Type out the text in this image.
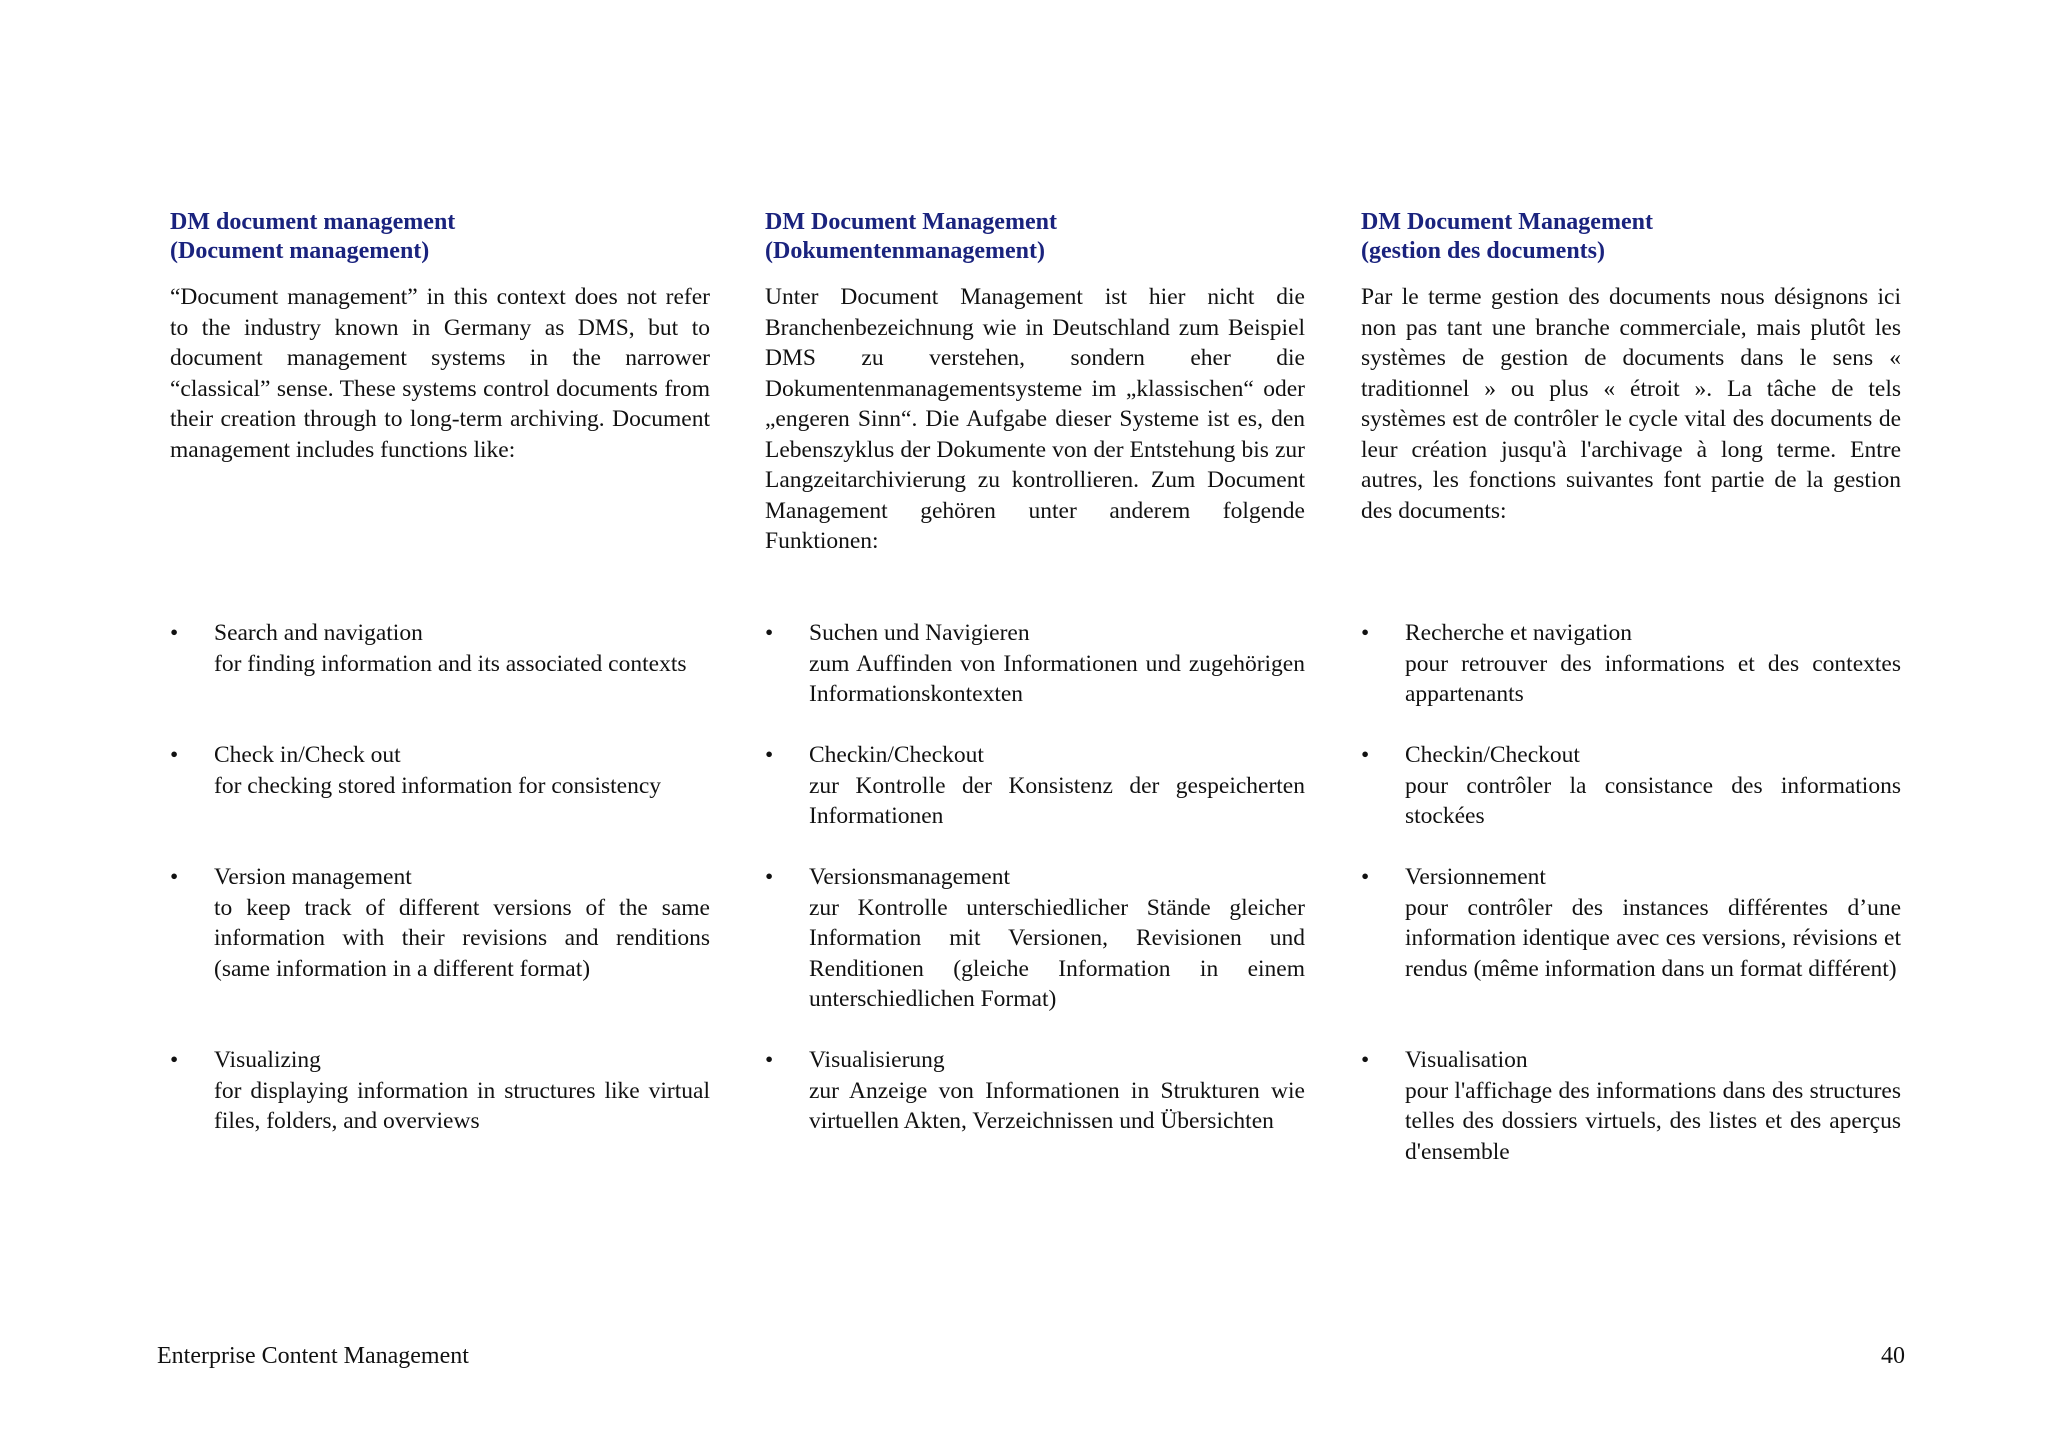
DM document management
(Document management)

“Document management” in this context does not refer to the industry known in Germany as DMS, but to document management systems in the narrower “classical” sense. These systems control documents from their creation through to long-term archiving. Document management includes functions like:

•	Search and navigation
for finding information and its associated contexts
•	Check in/Check out
for checking stored information for consistency
•	Version management
to keep track of different versions of the same information with their revisions and renditions (same information in a different format)
•	Visualizing
for displaying information in structures like virtual files, folders, and overviews

DM Document Management
(Dokumentenmanagement)

Unter Document Management ist hier nicht die Branchenbezeichnung wie in Deutschland zum Beispiel DMS zu verstehen, sondern eher die Dokumentenmanagementsysteme im „klassischen“ oder „engeren Sinn“. Die Aufgabe dieser Systeme ist es, den Lebenszyklus der Dokumente von der Entstehung bis zur Langzeitarchivierung zu kontrollieren. Zum Document Management gehören unter anderem folgende Funktionen:

•	Suchen und Navigieren
zum Auffinden von Informationen und zugehörigen Informationskontexten
•	Checkin/Checkout
zur Kontrolle der Konsistenz der gespeicherten Informationen
•	Versionsmanagement
zur Kontrolle unterschiedlicher Stände gleicher Information mit Versionen, Revisionen und Renditionen (gleiche Information in einem unterschiedlichen Format)
•	Visualisierung
zur Anzeige von Informationen in Strukturen wie virtuellen Akten, Verzeichnissen und Übersichten

DM Document Management
(gestion des documents)

Par le terme gestion des documents nous désignons ici non pas tant une branche commerciale, mais plutôt les systèmes de gestion de documents dans le sens « traditionnel » ou plus « étroit ». La tâche de tels systèmes est de contrôler le cycle vital des documents de leur création jusqu'à l'archivage à long terme. Entre autres, les fonctions suivantes font partie de la gestion des documents:

•	Recherche et navigation
pour retrouver des informations et des contextes appartenants
•	Checkin/Checkout
pour contrôler la consistance des informations stockées
•	Versionnement
pour contrôler des instances différentes d’une information identique avec ces versions, révisions et rendus (même information dans un format différent)
•	Visualisation
pour l'affichage des informations dans des structures telles des dossiers virtuels, des listes et des aperçus d'ensemble
Enterprise Content Management	40
